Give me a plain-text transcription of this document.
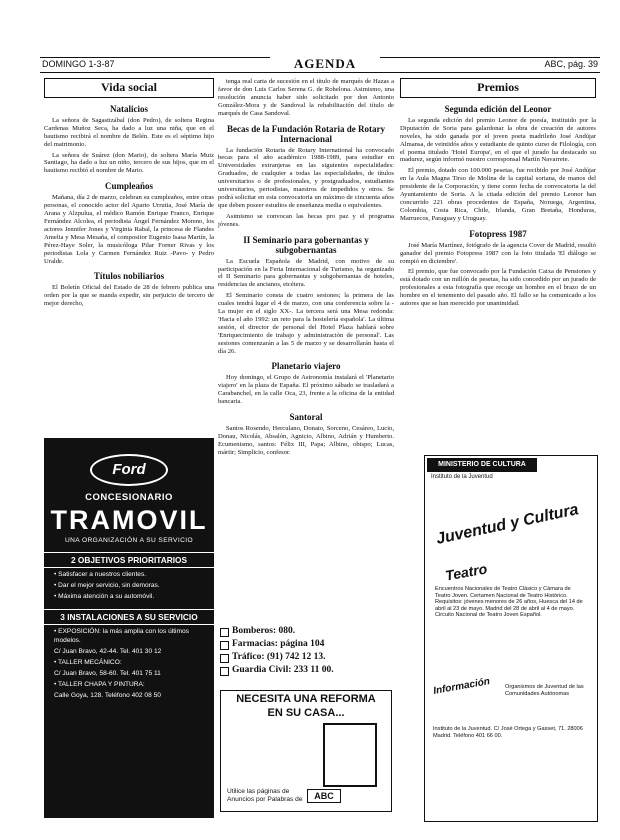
DOMINGO 1-3-87	AGENDA	ABC, pág. 39
Vida social
Natalicios

La señora de Sagastizábal (don Pedro), de soltera Regina Cardenas Muñoz Seca, ha dado a luz una niña, que en el bautismo recibirá el nombre de Belén. Este es el séptimo hijo del matrimonio.

La señora de Suárez (don Mario), de soltera María Muiz Santiago, ha dado a luz un niño, tercero de sus hijos, que en el bautismo recibió el nombre de Mario.

Cumpleaños

Mañana, día 2 de marzo, celebran su cumpleaños, entre otras personas, el conocido actor del Aparto Urrutia, José María de Arana y Alzpulua, el médico Ramón Enrique Franco, Enrique Fernández Alcolea, el periodista Ángel Fernández Moreno, los actores Jennifer Jones y Virginia Rabal, la princesa de Flandes Amelia y Mesa Mesaña, el compositor Eugenio Isasa Martín, la Pérez-Haye Soler, la musicóloga Pilar Forner Rivas y los periodistas Lola y Carmen Fernández Ruiz -Pavo- y Pedro Uralde.

Títulos nobiliarios

El Boletín Oficial del Estado de 28 de febrero publica una orden por la que se manda expedir, sin perjuicio de tercero de mejor derecho,

Ford
CONCESIONARIO
TRAMOVIL
UNA ORGANIZACIÓN A SU SERVICIO
2 OBJETIVOS PRIORITARIOS
• Satisfacer a nuestros clientes.
• Dar el mejor servicio, sin demoras.
• Máxima atención a su automóvil.
3 INSTALACIONES A SU SERVICIO
• EXPOSICIÓN: la más amplia con los últimos modelos.
C/ Juan Bravo, 42-44. Tel. 401 30 12
• TALLER MECÁNICO:
C/ Juan Bravo, 58-60. Tel. 401 75 11
• TALLER CHAPA Y PINTURA:
Calle Goya, 128. Teléfono 402 08 50

tenga real carta de sucesión en el título de marqués de Hazas a favor de don Luis Carlos Serena G. de Rohelona. Asimismo, una resolución anuncia haber sido solicitado por don Antonio González-Mora y de Sandoval la rehabilitación del título de marqués de Casa Sandoval.

Becas de la Fundación Rotaria de Rotary Internacional

La fundación Rotaria de Rotary International ha convocado becas para el año académico 1988-1989, para estudiar en Universidades extranjeras en las siguientes especialidades: Graduados, de cualquier a todas las especialidades, de títulos universitarios o de profesionales, y postgraduados, estudiantes universitarios, periodistas, maestros de impedidos y otros. Se podrá solicitar en esta convocatoria un máximo de cincuenta años que deben poseer estudios de enseñanza media o equivalentes.

Asimismo se convocan las becas pro paz y el programa jóvenes.

II Seminario para gobernantas y subgobernantas

La Escuela Española de Madrid, con motivo de su participación en la Feria Internacional de Turismo, ha organizado el II Seminario para gobernantas y subgobernantas de hoteles, residencias de ancianos, etcétera.

El Seminario consta de cuatro sesiones; la primera de las cuales tendrá lugar el 4 de marzo, con una conferencia sobre la -La mujer en el siglo XX-. La tercera será una Mesa redonda: 'Hacia el año 1992: un reto para la hostelería española'. La última sesión, el director de personal del Hotel Plaza hablará sobre 'Enriquecimiento de trabajo y administración de personal'. Las sesiones comenzarán a las 5 de marzo y se desarrollarán hasta el día 26.

Planetario viajero

Hoy domingo, el Grupo de Astronomía instalará el 'Planetario viajero' en la plaza de España. El próximo sábado se trasladará a Carabanchel, en la calle Oca, 23, frente a la oficina de la entidad bancaria.

Santoral

Santos Rosendo, Herculano, Donato, Sorceno, Cesáreo, Lucio, Donau, Nicolás, Absalón, Agnicio, Albino, Adrián y Humberto. Ecumenismo, santos: Félix III, Papa; Albino, obispo; Lucas, mártir; Simplicio, confesor.

Bomberos: 080.
Farmacias: página 104
Tráfico: (91) 742 12 13.
Guardia Civil: 233 11 00.
NECESITA UNA REFORMA
EN SU CASA...
Utilice las páginas de Anuncios por Palabras de	ABC
Premios
Segunda edición del Leonor

La segunda edición del premio Leonor de poesía, instituido por la Diputación de Soria para galardonar la obra de creación de autores noveles, ha sido ganada por el joven poeta madrileño José Andújar Almansa, de veintidós años y estudiante de quinto curso de Filología, con el poema titulado 'Hotel Europa', en el que el jurado ha destacado su madurez, según informó nuestro corresponsal Martín Navarrete.

El premio, dotado con 100.000 pesetas, fue recibido por José Andújar en la Aula Magna Tirso de Molina de la capital soriana, de manos del presidente de la Corporación, y tiene como fecha de convocatoria la del Ayuntamiento de Soria. A la citada edición del premio Leonor han concurrido 221 obras procedentes de España, Noruega, Argentina, Colombia, Costa Rica, Chile, Irlanda, Gran Bretaña, Honduras, Marruecos, Paraguay y Uruguay.

Fotopress 1987

José María Martínez, fotógrafo de la agencia Cover de Madrid, resultó ganador del premio Fotopress 1987 con la foto titulada 'El diálogo se rompió en diciembre'.

El premio, que fue convocado por la Fundación Caixa de Pensiones y está dotado con un millón de pesetas, ha sido concedido por un jurado de profesionales a esta fotografía que recoge un hombre en el brazo de un hombre en el tenemento del pasado año. El fallo se ha comunicado a los autores que se han merecido por unanimidad.

MINISTERIO DE CULTURA
Instituto de la Juventud
Juventud y Cultura
Teatro
Encuentros Nacionales de Teatro Clásico y Cámara de Teatro Joven. Certamen Nacional de Teatro Histórico. Requisitos: jóvenes menores de 26 años, Huesca del 14 de abril al 23 de mayo. Madrid del 28 de abril al 4 de mayo. Circuito Nacional de Teatro Joven Español.
Información	Organismos de Juventud de las Comunidades Autónomas
Instituto de la Juventud. C/ José Ortega y Gasset, 71. 28006 Madrid. Teléfono 401 66 00.
